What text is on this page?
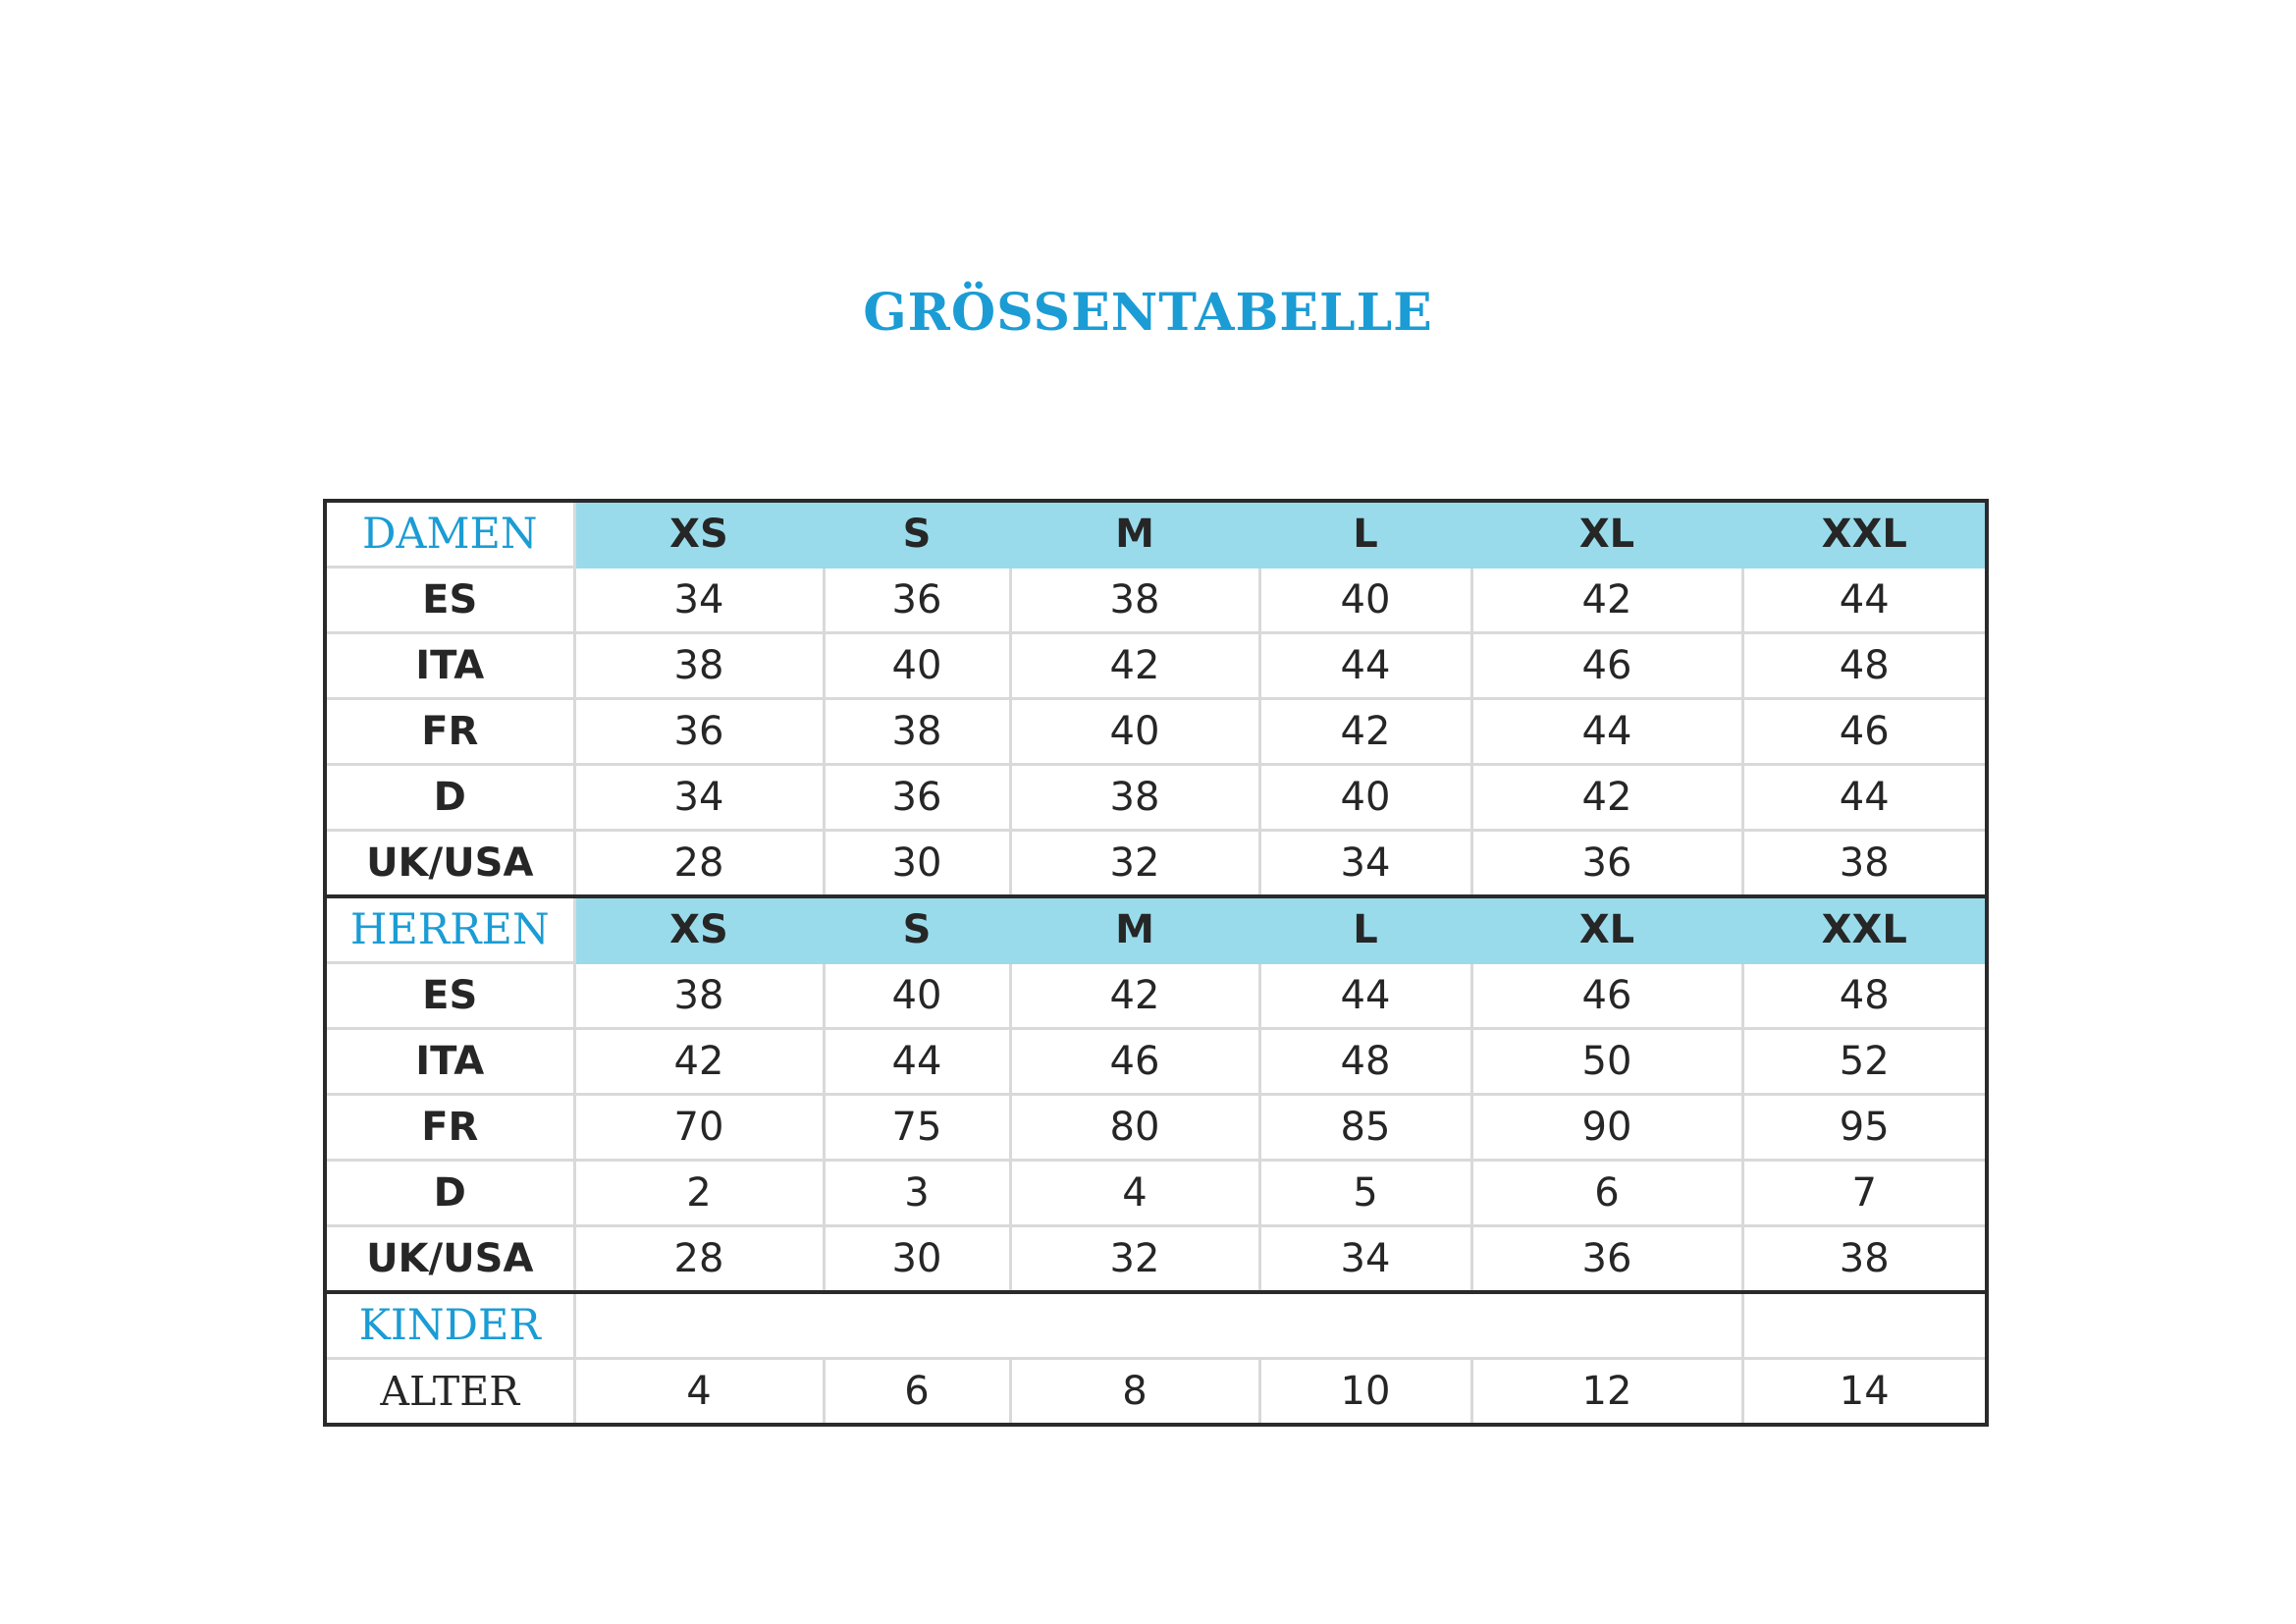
GRÖSSENTABELLE
DAMEN	XS	S	M	L	XL	XXL
ES	34	36	38	40	42	44
ITA	38	40	42	44	46	48
FR	36	38	40	42	44	46
D	34	36	38	40	42	44
UK/USA	28	30	32	34	36	38
HERREN	XS	S	M	L	XL	XXL
ES	38	40	42	44	46	48
ITA	42	44	46	48	50	52
FR	70	75	80	85	90	95
D	2	3	4	5	6	7
UK/USA	28	30	32	34	36	38
KINDER						
ALTER	4	6	8	10	12	14
